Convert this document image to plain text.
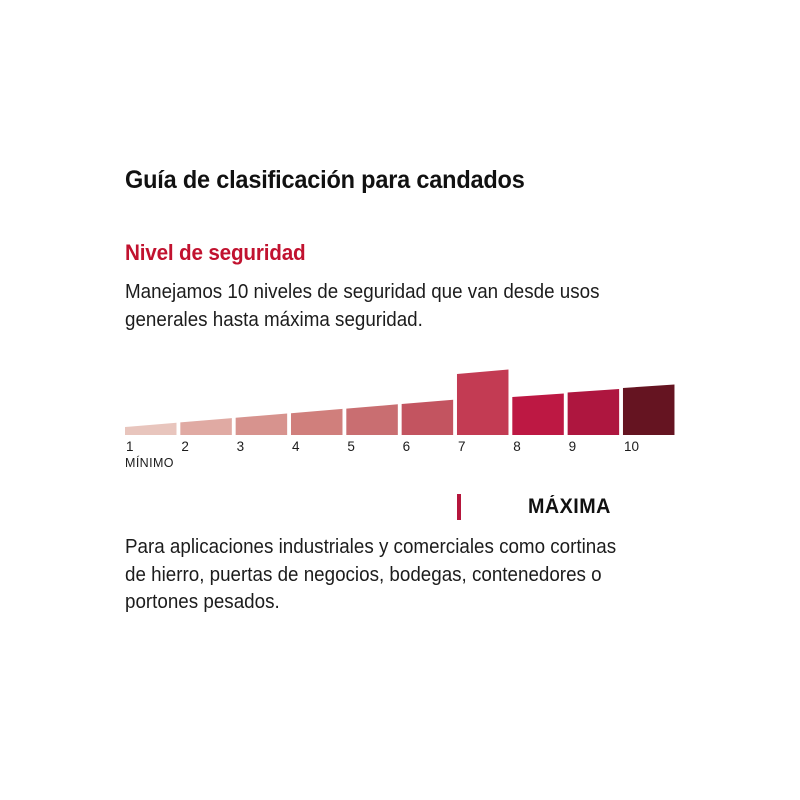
Guía de clasificación para candados
Nivel de seguridad
Manejamos 10 niveles de seguridad que van desde usos
generales hasta máxima seguridad.
1	2	3	4	5	6	7	8	9	10
MÍNIMO
MÁXIMA
Para aplicaciones industriales y comerciales como cortinas
de hierro, puertas de negocios, bodegas, contenedores o
portones pesados.
